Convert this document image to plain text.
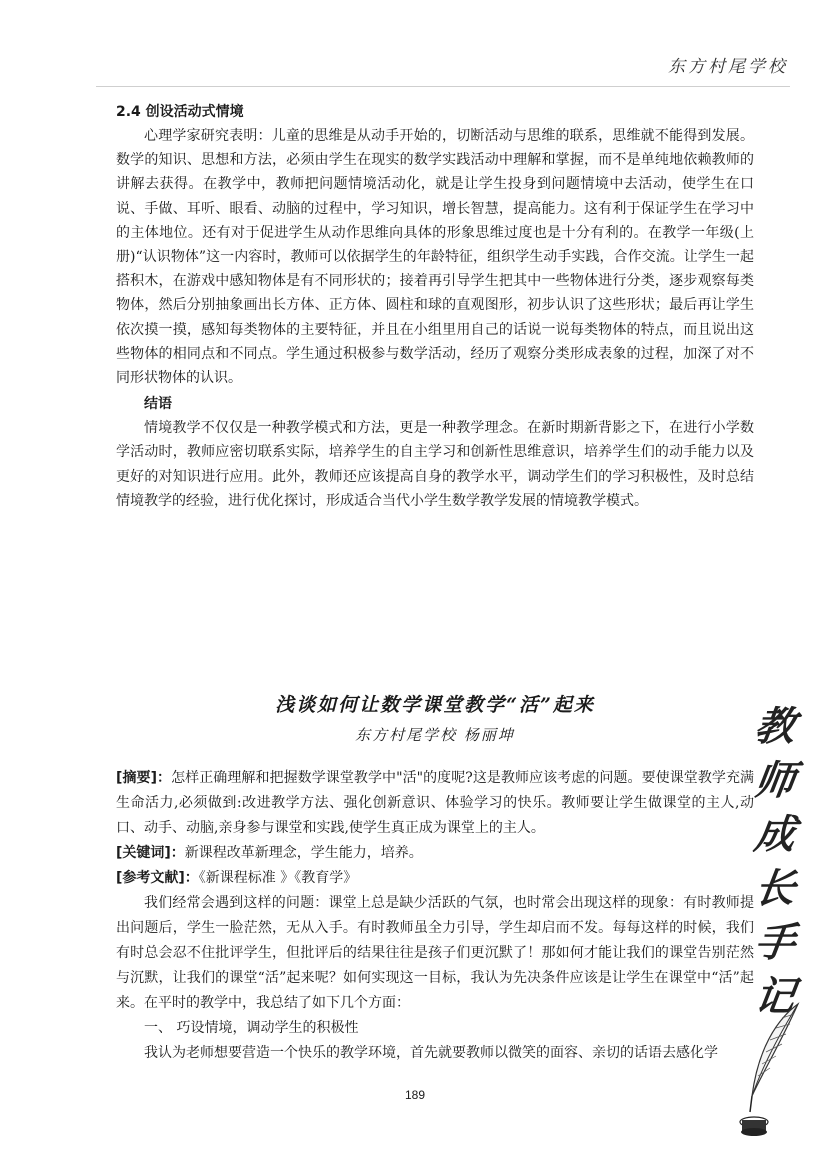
东方村尾学校

2.4 创设活动式情境

心理学家研究表明：儿童的思维是从动手开始的，切断活动与思维的联系，思维就不能得到发展。数学的知识、思想和方法，必须由学生在现实的数学实践活动中理解和掌握，而不是单纯地依赖教师的讲解去获得。在教学中，教师把问题情境活动化，就是让学生投身到问题情境中去活动，使学生在口说、手做、耳听、眼看、动脑的过程中，学习知识，增长智慧，提高能力。这有利于保证学生在学习中的主体地位。还有对于促进学生从动作思维向具体的形象思维过度也是十分有利的。在教学一年级(上册)“认识物体”这一内容时，教师可以依据学生的年龄特征，组织学生动手实践，合作交流。让学生一起搭积木，在游戏中感知物体是有不同形状的；接着再引导学生把其中一些物体进行分类，逐步观察每类物体，然后分别抽象画出长方体、正方体、圆柱和球的直观图形，初步认识了这些形状；最后再让学生依次摸一摸，感知每类物体的主要特征，并且在小组里用自己的话说一说每类物体的特点，而且说出这些物体的相同点和不同点。学生通过积极参与数学活动，经历了观察分类形成表象的过程，加深了对不同形状物体的认识。

结语

情境教学不仅仅是一种教学模式和方法，更是一种教学理念。在新时期新背影之下，在进行小学数学活动时，教师应密切联系实际，培养学生的自主学习和创新性思维意识，培养学生们的动手能力以及更好的对知识进行应用。此外，教师还应该提高自身的教学水平，调动学生们的学习积极性，及时总结情境教学的经验，进行优化探讨，形成适合当代小学生数学教学发展的情境教学模式。

浅谈如何让数学课堂教学“活”起来
东方村尾学校 杨丽坤

[摘要]：怎样正确理解和把握数学课堂教学中"活"的度呢?这是教师应该考虑的问题。要使课堂教学充满生命活力,必须做到:改进教学方法、强化创新意识、体验学习的快乐。教师要让学生做课堂的主人,动口、动手、动脑,亲身参与课堂和实践,使学生真正成为课堂上的主人。

[关键词]：新课程改革新理念，学生能力，培养。

[参考文献]：《新课程标准 》《教育学》

我们经常会遇到这样的问题：课堂上总是缺少活跃的气氛，也时常会出现这样的现象：有时教师提出问题后，学生一脸茫然，无从入手。有时教师虽全力引导，学生却启而不发。每每这样的时候，我们有时总会忍不住批评学生，但批评后的结果往往是孩子们更沉默了！那如何才能让我们的课堂告别茫然与沉默，让我们的课堂“活”起来呢？如何实现这一目标，我认为先决条件应该是让学生在课堂中“活”起来。在平时的教学中，我总结了如下几个方面：

一、 巧设情境，调动学生的积极性

我认为老师想要营造一个快乐的教学环境，首先就要教师以微笑的面容、亲切的话语去感化学

教
师
成
长
手
记
189
